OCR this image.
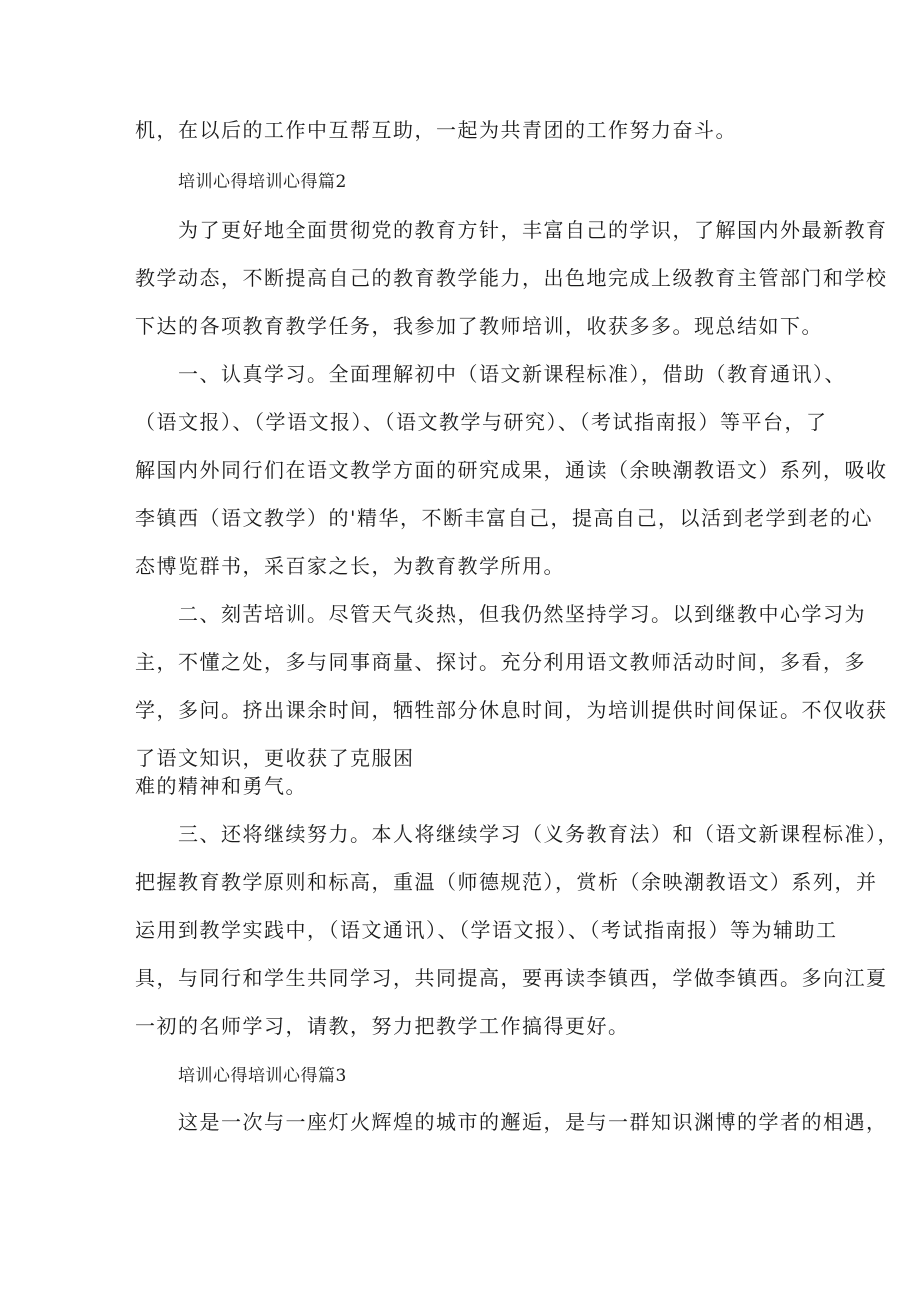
机，在以后的工作中互帮互助，一起为共青团的工作努力奋斗。
培训心得培训心得篇2
为了更好地全面贯彻党的教育方针，丰富自己的学识，了解国内外最新教育
教学动态，不断提高自己的教育教学能力，出色地完成上级教育主管部门和学校
下达的各项教育教学任务，我参加了教师培训，收获多多。现总结如下。
一、认真学习。全面理解初中（语文新课程标准），借助（教育通讯）、
（语文报）、（学语文报）、（语文教学与研究）、（考试指南报）等平台，了
解国内外同行们在语文教学方面的研究成果，通读（余映潮教语文）系列，吸收
李镇西（语文教学）的'精华，不断丰富自己，提高自己，以活到老学到老的心
态博览群书，采百家之长，为教育教学所用。
二、刻苦培训。尽管天气炎热，但我仍然坚持学习。以到继教中心学习为
主，不懂之处，多与同事商量、探讨。充分利用语文教师活动时间，多看，多
学，多问。挤出课余时间，牺牲部分休息时间，为培训提供时间保证。不仅收获
了语文知识，更收获了克服困
难的精神和勇气。
三、还将继续努力。本人将继续学习（义务教育法）和（语文新课程标准），
把握教育教学原则和标高，重温（师德规范），赏析（余映潮教语文）系列，并
运用到教学实践中，（语文通讯）、（学语文报）、（考试指南报）等为辅助工
具，与同行和学生共同学习，共同提高，要再读李镇西，学做李镇西。多向江夏
一初的名师学习，请教，努力把教学工作搞得更好。
培训心得培训心得篇3
这是一次与一座灯火辉煌的城市的邂逅，是与一群知识渊博的学者的相遇，
